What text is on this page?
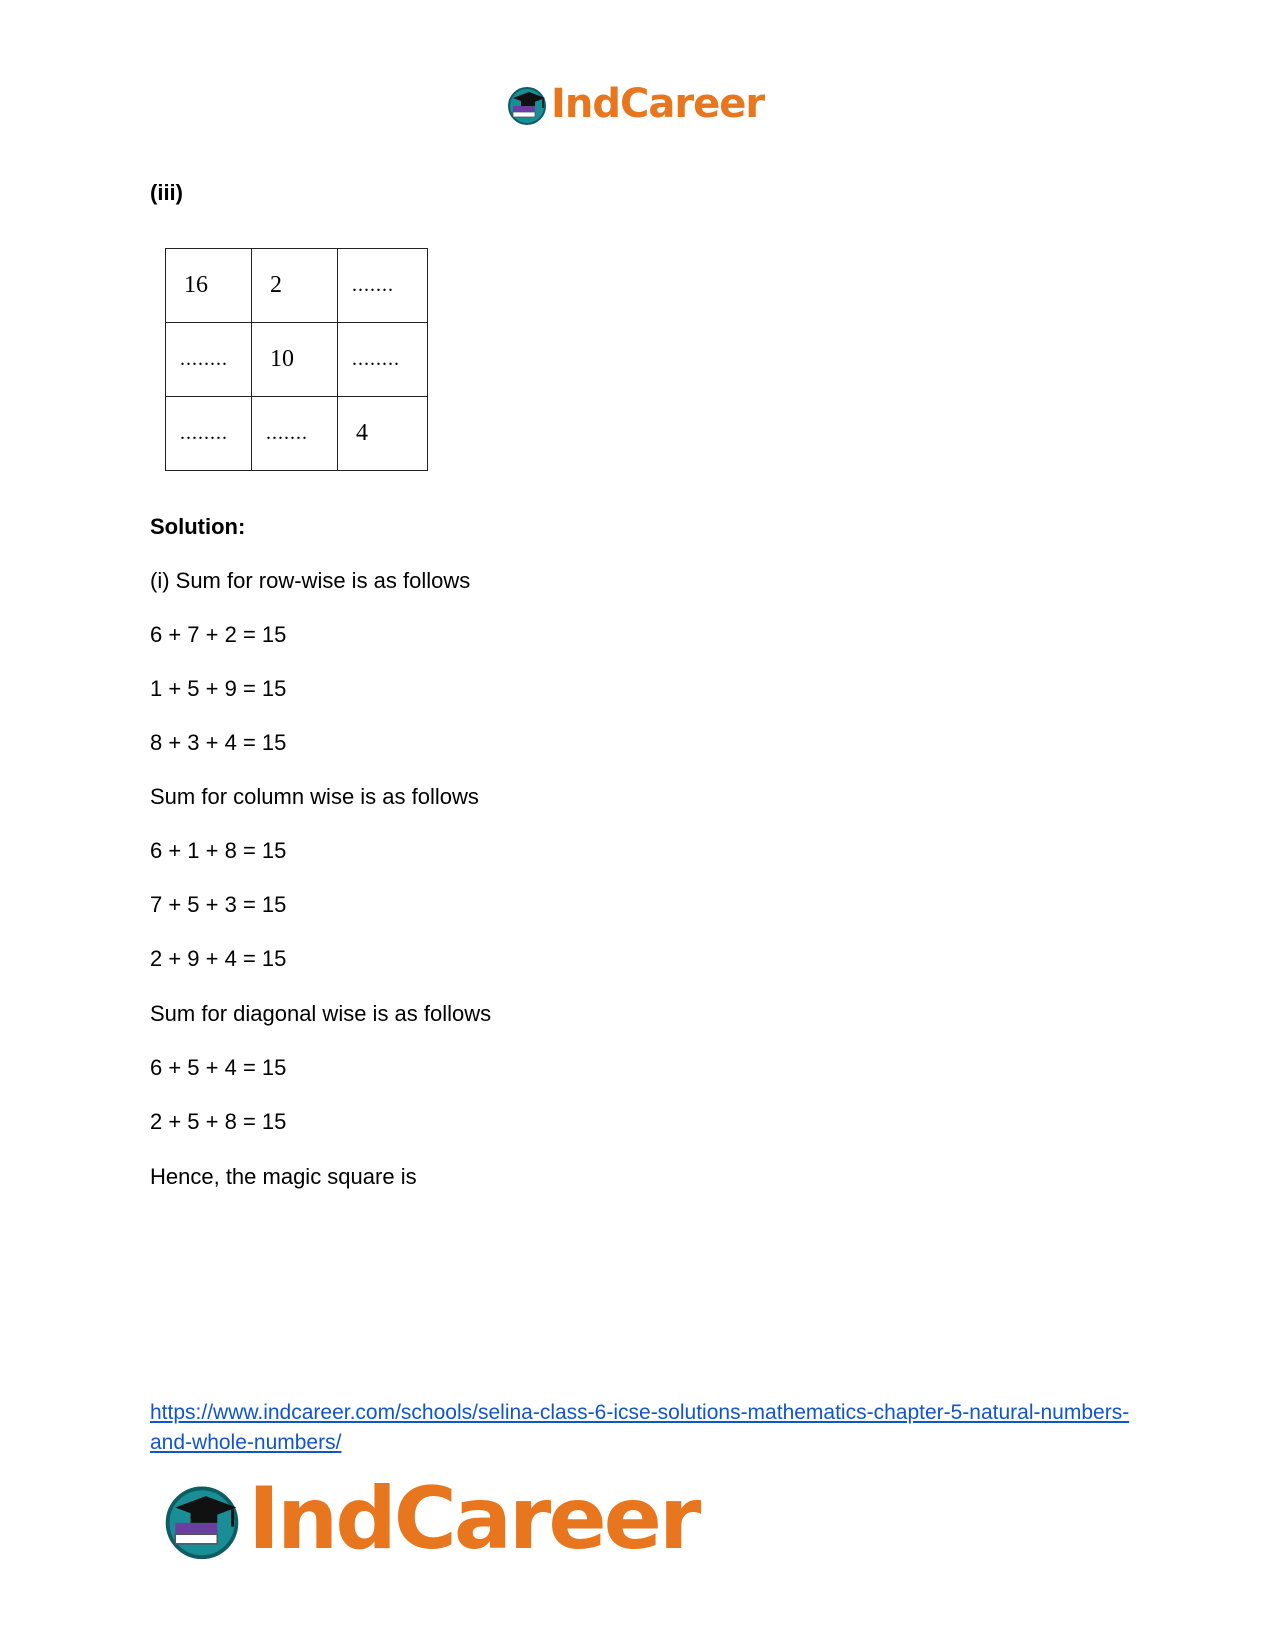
IndCareer
(iii)
16	2	.......
........	10	........
........	.......	4
Solution:
(i) Sum for row-wise is as follows
6 + 7 + 2 = 15
1 + 5 + 9 = 15
8 + 3 + 4 = 15
Sum for column wise is as follows
6 + 1 + 8 = 15
7 + 5 + 3 = 15
2 + 9 + 4 = 15
Sum for diagonal wise is as follows
6 + 5 + 4 = 15
2 + 5 + 8 = 15
Hence, the magic square is
https://www.indcareer.com/schools/selina-class-6-icse-solutions-mathematics-chapter-5-natural-numbers-and-whole-numbers/
IndCareer
